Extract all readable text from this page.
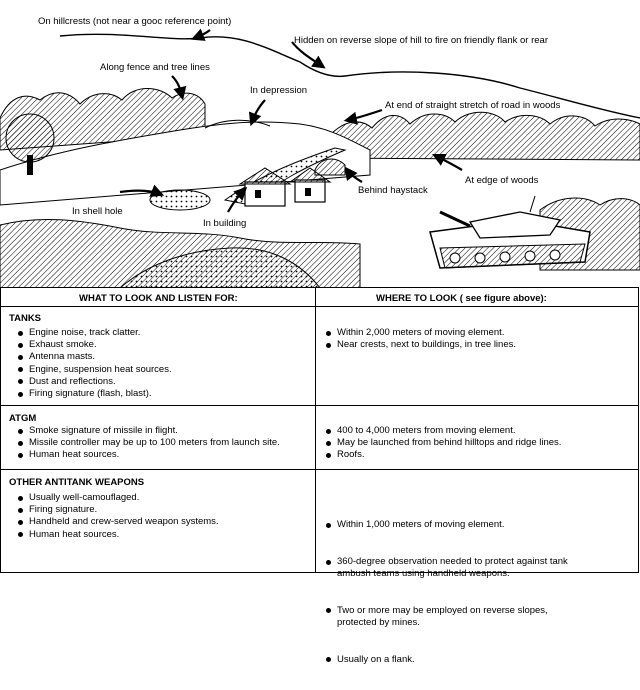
On hillcrests (not near a gooc reference point)
Hidden on reverse slope of hill to fire on friendly flank or rear
Along fence and tree lines
In depression
At end of straight stretch of road in woods
In shell hole
In building
Behind haystack
At edge of woods
WHAT TO LOOK AND LISTEN FOR:	WHERE TO LOOK ( see figure above):
TANKS
Engine noise, track clatter.
Exhaust smoke.
Antenna masts.
Engine, suspension heat sources.
Dust and reflections.
Firing signature (flash, blast).
Within 2,000 meters of moving element.
Near crests, next to buildings, in tree lines.
ATGM
Smoke signature of missile in flight.
Missile controller may be up to 100 meters from launch site.
Human heat sources.
400 to 4,000 meters from moving element.
May be launched from behind hilltops and ridge lines.
Roofs.
OTHER ANTITANK WEAPONS
Usually well-camouflaged.
Firing signature.
Handheld and crew-served weapon systems.
Human heat sources.

Within 1,000 meters of moving element.

360-degree observation needed to protect against tank
ambush teams using handheld weapons.

Two or more may be employed on reverse slopes,
protected by mines.

Usually on a flank.
